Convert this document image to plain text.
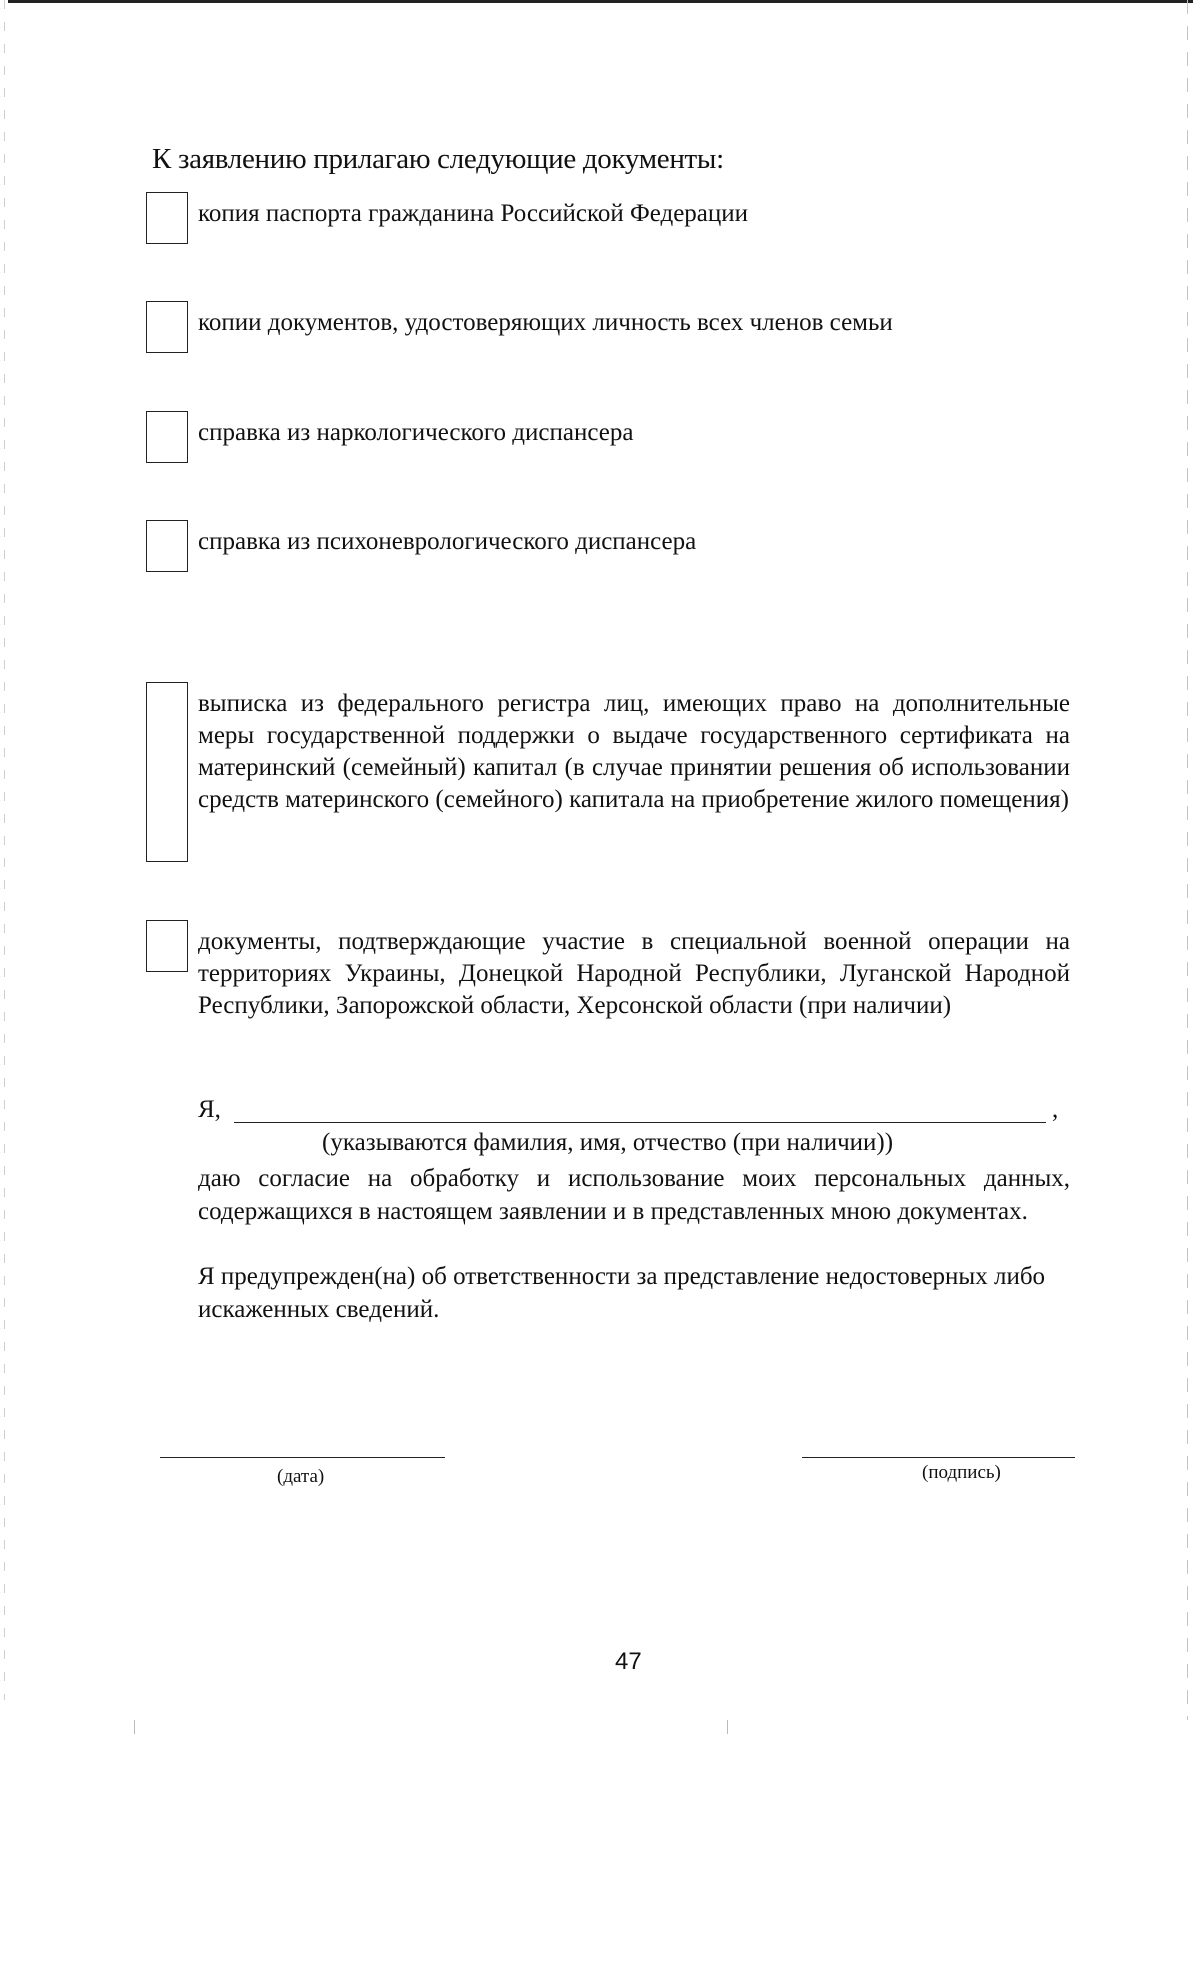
К заявлению прилагаю следующие документы:
копия паспорта гражданина Российской Федерации
копии документов, удостоверяющих личность всех членов семьи
справка из наркологического диспансера
справка из психоневрологического диспансера
выписка из федерального регистра лиц, имеющих право на дополнительные меры государственной поддержки о выдаче государственного сертификата на материнский (семейный) капитал (в случае принятии решения об использовании средств материнского (семейного) капитала на приобретение жилого помещения)
документы, подтверждающие участие в специальной военной операции на территориях Украины, Донецкой Народной Республики, Луганской Народной Республики, Запорожской области, Херсонской области (при наличии)
Я,	,
(указываются фамилия, имя, отчество (при наличии))
даю согласие на обработку и использование моих персональных данных, содержащихся в настоящем заявлении и в представленных мною документах.
Я предупрежден(на) об ответственности за представление недостоверных либо искаженных сведений.
(дата)	(подпись)
47
